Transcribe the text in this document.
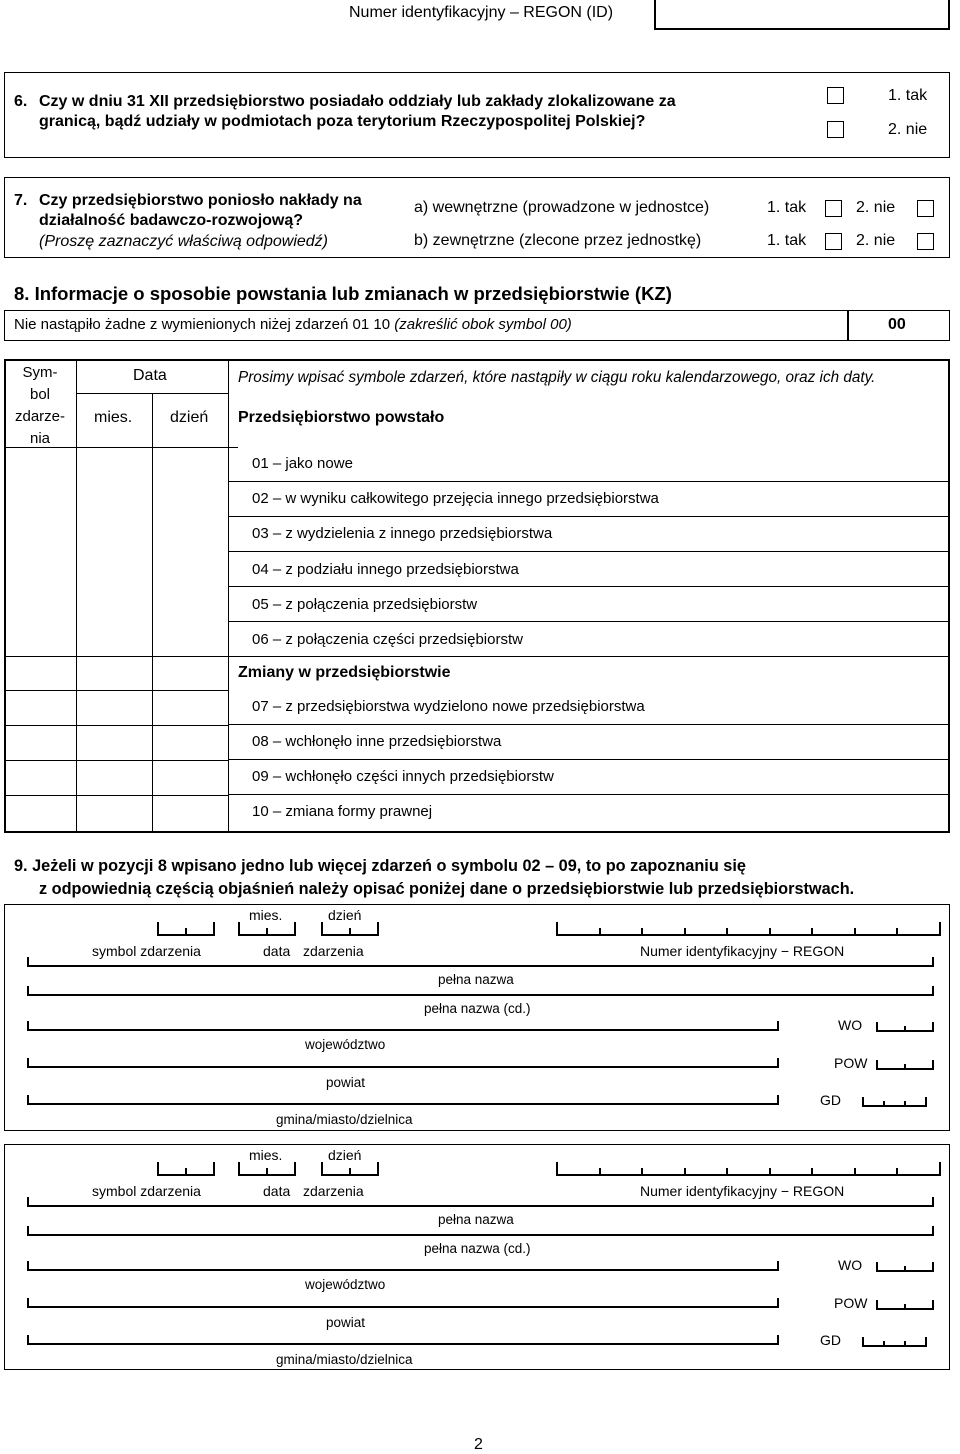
Numer identyfikacyjny – REGON (ID)
6. Czy w dniu 31 XII przedsiębiorstwo posiadało oddziały lub zakłady zlokalizowane za
granicą, bądź udziały w podmiotach poza terytorium Rzeczypospolitej Polskiej?
1. tak
2. nie
7. Czy przedsiębiorstwo poniosło nakłady na
działalność badawczo-rozwojową?
(Proszę zaznaczyć właściwą odpowiedź)
a) wewnętrzne (prowadzone w jednostce)	1. tak	2. nie
b) zewnętrzne (zlecone przez jednostkę)	1. tak	2. nie
8. Informacje o sposobie powstania lub zmianach w przedsiębiorstwie (KZ)
Nie nastąpiło żadne z wymienionych niżej zdarzeń 01 10 (zakreślić obok symbol 00)	00
Sym-
bol
zdarze-
nia
Data
mies. dzień
Prosimy wpisać symbole zdarzeń, które nastąpiły w ciągu roku kalendarzowego, oraz ich daty.
Przedsiębiorstwo powstało
Zmiany w przedsiębiorstwie
9. Jeżeli w pozycji 8 wpisano jedno lub więcej zdarzeń o symbolu 02 – 09, to po zapoznaniu się
z odpowiednią częścią objaśnień należy opisać poniżej dane o przedsiębiorstwie lub przedsiębiorstwach.
2
01 – jako nowe
02 – w wyniku całkowitego przejęcia innego przedsiębiorstwa
03 – z wydzielenia z innego przedsiębiorstwa
04 – z podziału innego przedsiębiorstwa
05 – z połączenia przedsiębiorstw
06 – z połączenia części przedsiębiorstw
07 – z przedsiębiorstwa wydzielono nowe przedsiębiorstwa
08 – wchłonęło inne przedsiębiorstwa
09 – wchłonęło części innych przedsiębiorstw
10 – zmiana formy prawnej
mies.	dzień
symbol zdarzenia	data zdarzenia	Numer identyfikacyjny − REGON
pełna nazwa
pełna nazwa (cd.)
WO
województwo
POW
powiat
GD
gmina/miasto/dzielnica
mies.	dzień
symbol zdarzenia	data zdarzenia	Numer identyfikacyjny − REGON
pełna nazwa
pełna nazwa (cd.)
WO
województwo
POW
powiat
GD
gmina/miasto/dzielnica
